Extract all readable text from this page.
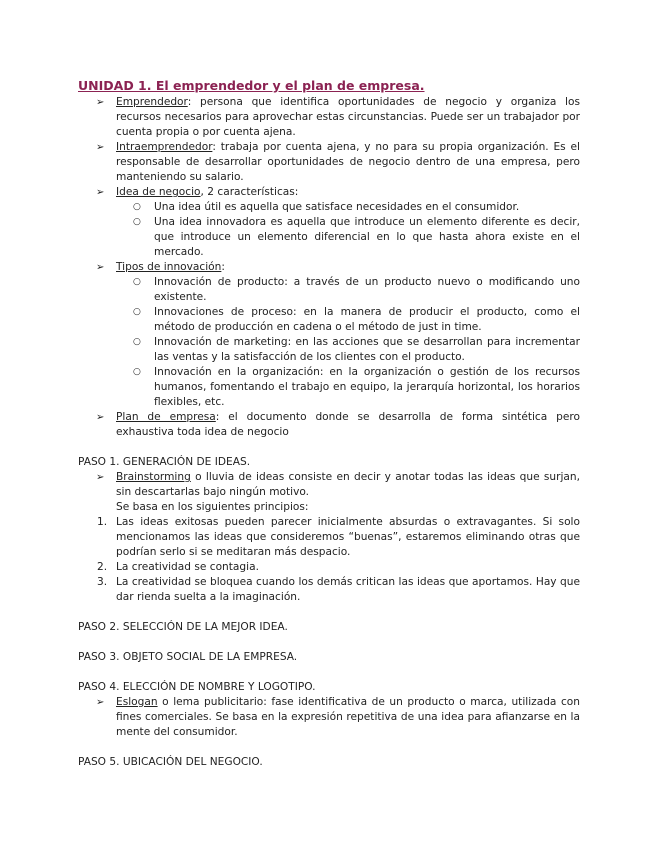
UNIDAD 1. El emprendedor y el plan de empresa.
➢ Emprendedor: persona que identifica oportunidades de negocio y organiza los recursos necesarios para aprovechar estas circunstancias. Puede ser un trabajador por cuenta propia o por cuenta ajena.
➢ Intraemprendedor: trabaja por cuenta ajena, y no para su propia organización. Es el responsable de desarrollar oportunidades de negocio dentro de una empresa, pero manteniendo su salario.
➢ Idea de negocio, 2 características:
○ Una idea útil es aquella que satisface necesidades en el consumidor.
○ Una idea innovadora es aquella que introduce un elemento diferente es decir, que introduce un elemento diferencial en lo que hasta ahora existe en el mercado.
➢ Tipos de innovación:
○ Innovación de producto: a través de un producto nuevo o modificando uno existente.
○ Innovaciones de proceso: en la manera de producir el producto, como el método de producción en cadena o el método de just in time.
○ Innovación de marketing: en las acciones que se desarrollan para incrementar las ventas y la satisfacción de los clientes con el producto.
○ Innovación en la organización: en la organización o gestión de los recursos humanos, fomentando el trabajo en equipo, la jerarquía horizontal, los horarios flexibles, etc.
➢ Plan de empresa: el documento donde se desarrolla de forma sintética pero exhaustiva toda idea de negocio
PASO 1. GENERACIÓN DE IDEAS.
➢ Brainstorming o lluvia de ideas consiste en decir y anotar todas las ideas que surjan, sin descartarlas bajo ningún motivo.
Se basa en los siguientes principios:
1. Las ideas exitosas pueden parecer inicialmente absurdas o extravagantes. Si solo mencionamos las ideas que consideremos “buenas”, estaremos eliminando otras que podrían serlo si se meditaran más despacio.
2. La creatividad se contagia.
3. La creatividad se bloquea cuando los demás critican las ideas que aportamos. Hay que dar rienda suelta a la imaginación.
PASO 2. SELECCIÓN DE LA MEJOR IDEA.
PASO 3. OBJETO SOCIAL DE LA EMPRESA.
PASO 4. ELECCIÓN DE NOMBRE Y LOGOTIPO.
➢ Eslogan o lema publicitario: fase identificativa de un producto o marca, utilizada con fines comerciales. Se basa en la expresión repetitiva de una idea para afianzarse en la mente del consumidor.
PASO 5. UBICACIÓN DEL NEGOCIO.
